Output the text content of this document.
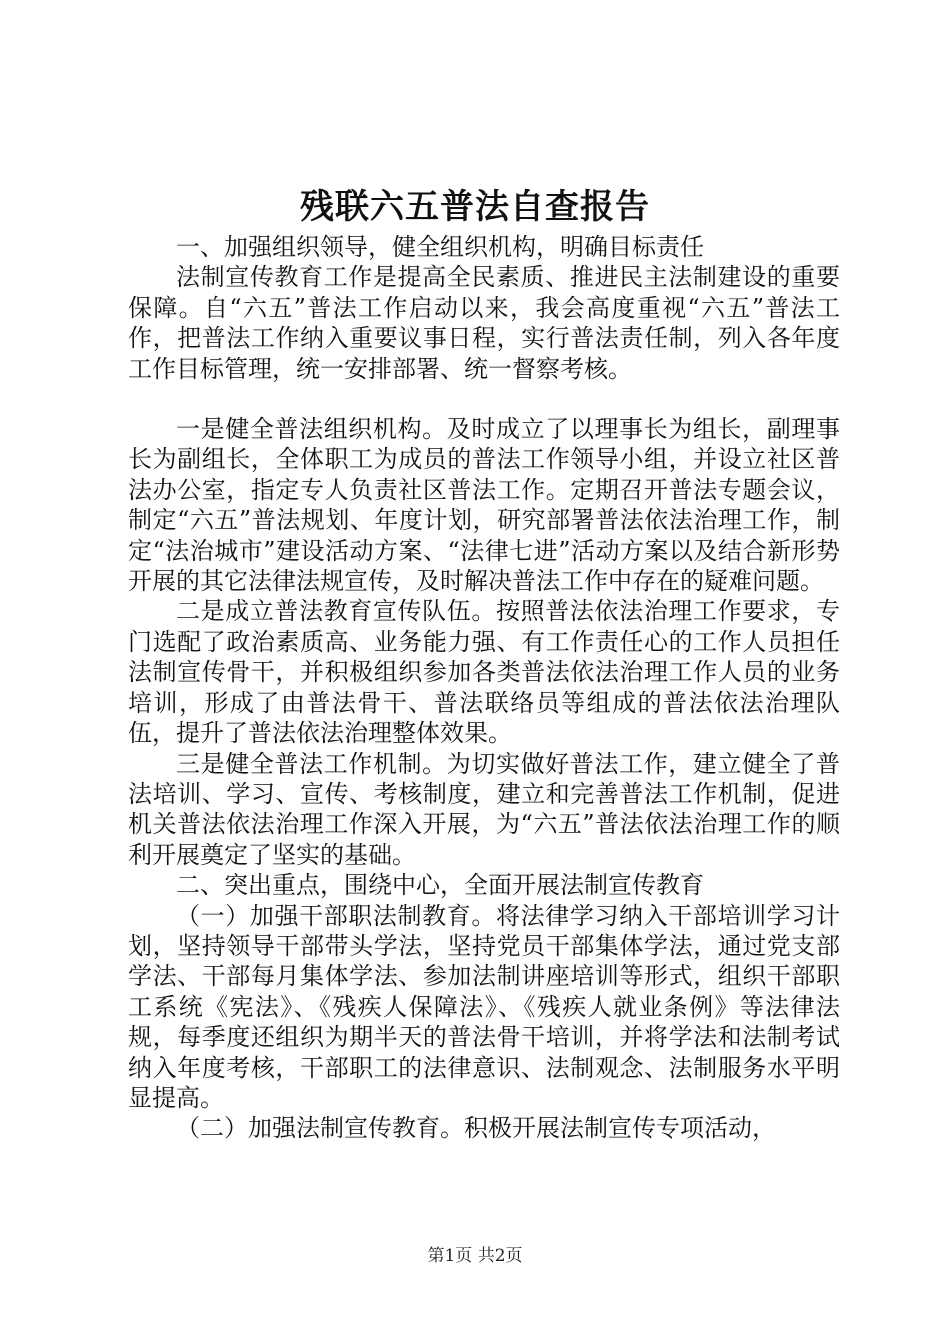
残联六五普法自查报告

一、加强组织领导，健全组织机构，明确目标责任

法制宣传教育工作是提高全民素质、推进民主法制建设的重要保障。自“六五”普法工作启动以来，我会高度重视“六五”普法工作，把普法工作纳入重要议事日程，实行普法责任制，列入各年度工作目标管理，统一安排部署、统一督察考核。

一是健全普法组织机构。及时成立了以理事长为组长，副理事长为副组长，全体职工为成员的普法工作领导小组，并设立社区普法办公室，指定专人负责社区普法工作。定期召开普法专题会议，制定“六五”普法规划、年度计划，研究部署普法依法治理工作，制定“法治城市”建设活动方案、“法律七进”活动方案以及结合新形势开展的其它法律法规宣传，及时解决普法工作中存在的疑难问题。

二是成立普法教育宣传队伍。按照普法依法治理工作要求，专门选配了政治素质高、业务能力强、有工作责任心的工作人员担任法制宣传骨干，并积极组织参加各类普法依法治理工作人员的业务培训，形成了由普法骨干、普法联络员等组成的普法依法治理队伍，提升了普法依法治理整体效果。

三是健全普法工作机制。为切实做好普法工作，建立健全了普法培训、学习、宣传、考核制度，建立和完善普法工作机制，促进机关普法依法治理工作深入开展，为“六五”普法依法治理工作的顺利开展奠定了坚实的基础。

二、突出重点，围绕中心，全面开展法制宣传教育

（一）加强干部职法制教育。将法律学习纳入干部培训学习计划，坚持领导干部带头学法，坚持党员干部集体学法，通过党支部学法、干部每月集体学法、参加法制讲座培训等形式，组织干部职工系统《宪法》、《残疾人保障法》、《残疾人就业条例》等法律法规，每季度还组织为期半天的普法骨干培训，并将学法和法制考试纳入年度考核，干部职工的法律意识、法制观念、法制服务水平明显提高。

（二）加强法制宣传教育。积极开展法制宣传专项活动，

第1页 共2页
